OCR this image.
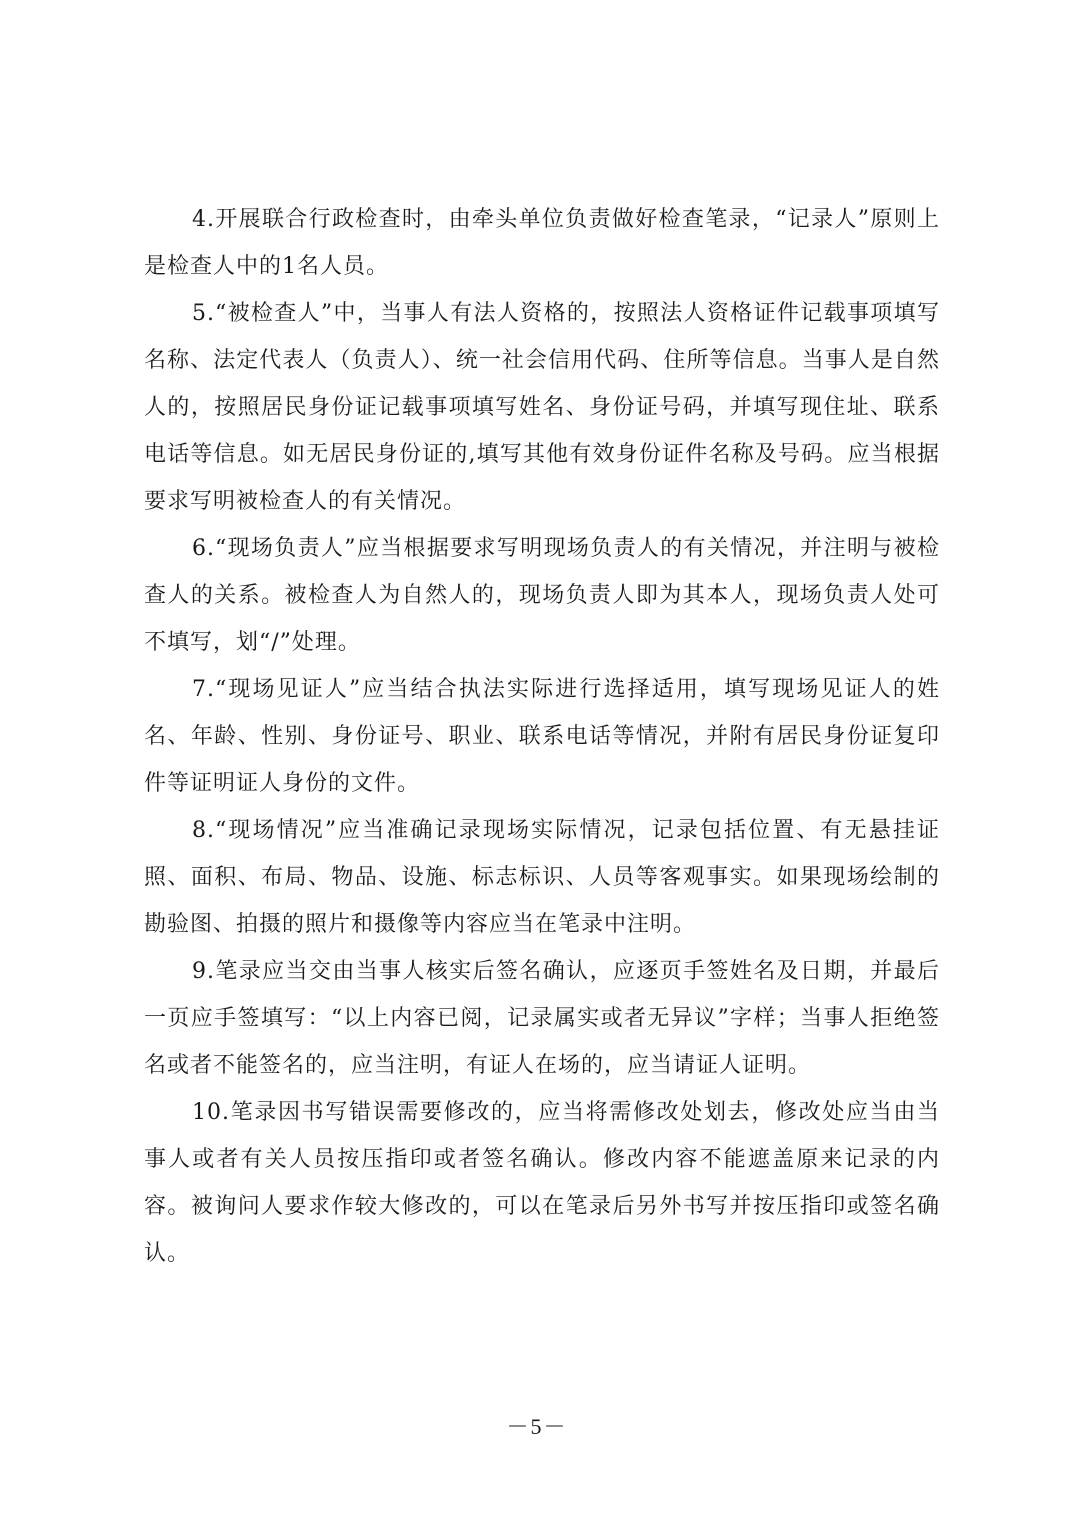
4.开展联合行政检查时，由牵头单位负责做好检查笔录，“记录人”原则上是检查人中的1名人员。

5.“被检查人”中，当事人有法人资格的，按照法人资格证件记载事项填写名称、法定代表人（负责人）、统一社会信用代码、住所等信息。当事人是自然人的，按照居民身份证记载事项填写姓名、身份证号码，并填写现住址、联系电话等信息。如无居民身份证的,填写其他有效身份证件名称及号码。应当根据要求写明被检查人的有关情况。

6.“现场负责人”应当根据要求写明现场负责人的有关情况，并注明与被检查人的关系。被检查人为自然人的，现场负责人即为其本人，现场负责人处可不填写，划“/”处理。

7.“现场见证人”应当结合执法实际进行选择适用，填写现场见证人的姓名、年龄、性别、身份证号、职业、联系电话等情况，并附有居民身份证复印件等证明证人身份的文件。

8.“现场情况”应当准确记录现场实际情况，记录包括位置、有无悬挂证照、面积、布局、物品、设施、标志标识、人员等客观事实。如果现场绘制的勘验图、拍摄的照片和摄像等内容应当在笔录中注明。

9.笔录应当交由当事人核实后签名确认，应逐页手签姓名及日期，并最后一页应手签填写：“以上内容已阅，记录属实或者无异议”字样；当事人拒绝签名或者不能签名的，应当注明，有证人在场的，应当请证人证明。

10.笔录因书写错误需要修改的，应当将需修改处划去，修改处应当由当事人或者有关人员按压指印或者签名确认。修改内容不能遮盖原来记录的内容。被询问人要求作较大修改的，可以在笔录后另外书写并按压指印或签名确认。

－5－
